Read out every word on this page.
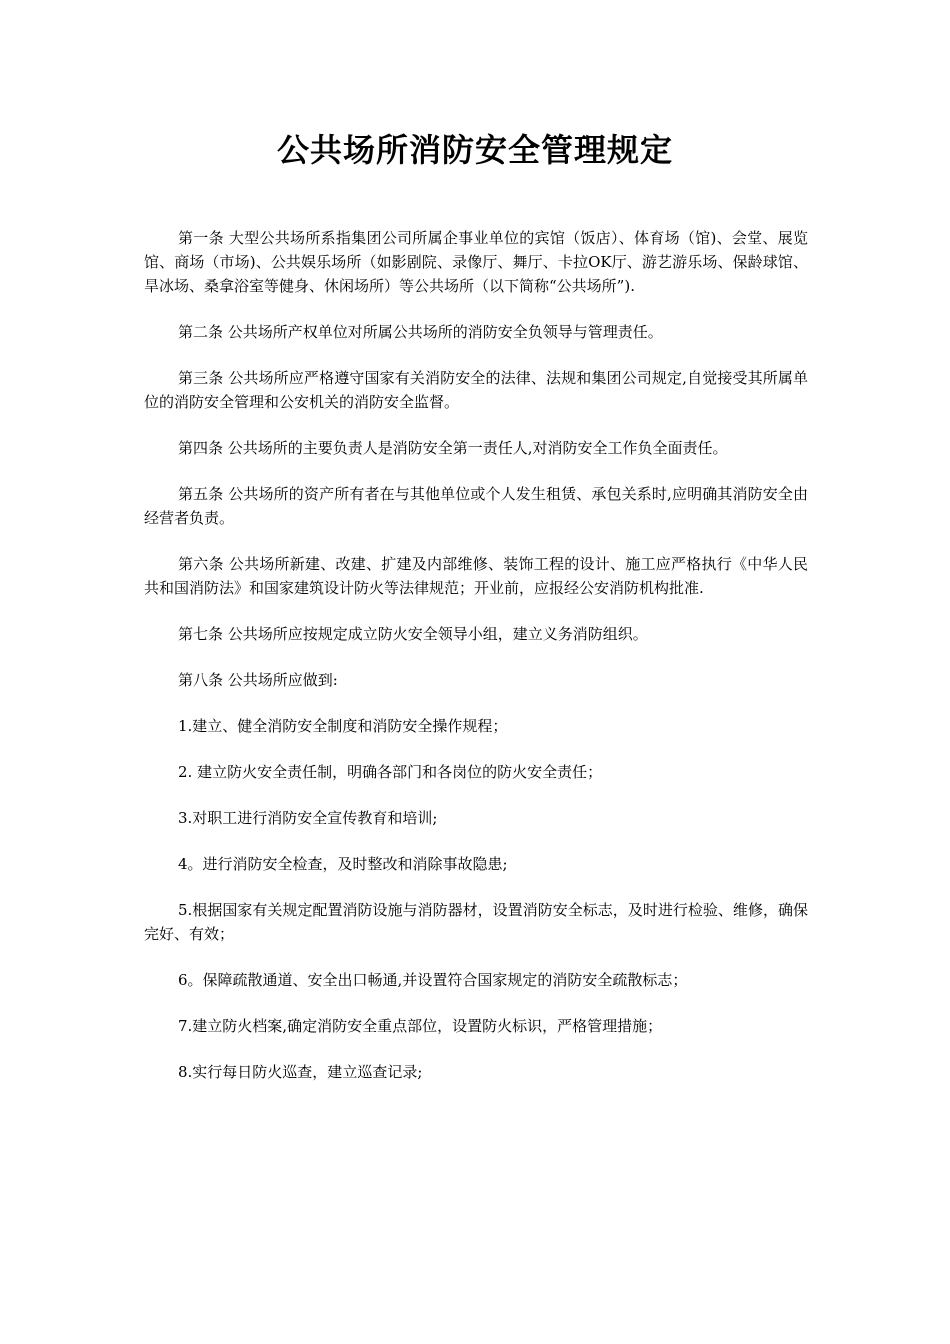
公共场所消防安全管理规定

第一条 大型公共场所系指集团公司所属企事业单位的宾馆（饭店）、体育场（馆)、会堂、展览馆、商场（市场)、公共娱乐场所（如影剧院、录像厅、舞厅、卡拉OK厅、游艺游乐场、保龄球馆、旱冰场、桑拿浴室等健身、休闲场所）等公共场所（以下简称“公共场所”).

第二条 公共场所产权单位对所属公共场所的消防安全负领导与管理责任。

第三条 公共场所应严格遵守国家有关消防安全的法律、法规和集团公司规定,自觉接受其所属单位的消防安全管理和公安机关的消防安全监督。

第四条 公共场所的主要负责人是消防安全第一责任人,对消防安全工作负全面责任。

第五条 公共场所的资产所有者在与其他单位或个人发生租赁、承包关系时,应明确其消防安全由经营者负责。

第六条 公共场所新建、改建、扩建及内部维修、装饰工程的设计、施工应严格执行《中华人民共和国消防法》和国家建筑设计防火等法律规范；开业前，应报经公安消防机构批准.

第七条 公共场所应按规定成立防火安全领导小组，建立义务消防组织。

第八条 公共场所应做到:

1.建立、健全消防安全制度和消防安全操作规程；

2. 建立防火安全责任制，明确各部门和各岗位的防火安全责任；

3.对职工进行消防安全宣传教育和培训;

4。进行消防安全检查，及时整改和消除事故隐患;

5.根据国家有关规定配置消防设施与消防器材，设置消防安全标志，及时进行检验、维修，确保完好、有效；

6。保障疏散通道、安全出口畅通,并设置符合国家规定的消防安全疏散标志；

7.建立防火档案,确定消防安全重点部位，设置防火标识，严格管理措施；

8.实行每日防火巡查，建立巡查记录;
